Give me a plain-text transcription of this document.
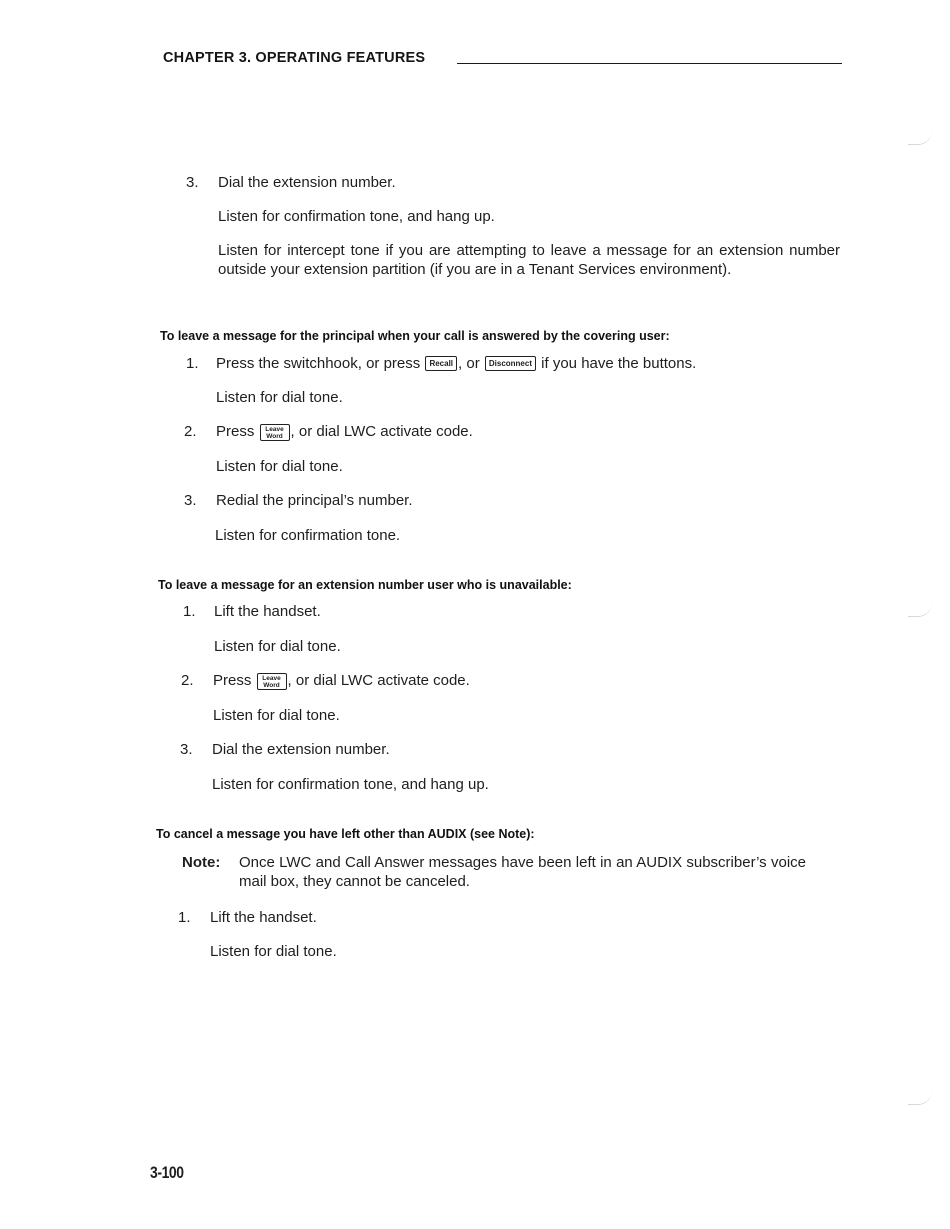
CHAPTER 3. OPERATING FEATURES
3. Dial the extension number.
Listen for confirmation tone, and hang up.
Listen for intercept tone if you are attempting to leave a message for an extension number outside your extension partition (if you are in a Tenant Services environment).
To leave a message for the principal when your call is answered by the covering user:
1. Press the switchhook, or press Recall , or Disconnect if you have the buttons.
Listen for dial tone.
2. Press	Leave
Word , or dial LWC activate code.
Listen for dial tone.
3. Redial the principal’s number.
Listen for confirmation tone.
To leave a message for an extension number user who is unavailable:
1. Lift the handset.
Listen for dial tone.
2. Press	Leave
Word , or dial LWC activate code.
Listen for dial tone.
3. Dial the extension number.
Listen for confirmation tone, and hang up.
To cancel a message you have left other than AUDIX (see Note):
Note: Once LWC and Call Answer messages have been left in an AUDIX subscriber’s voice mail box, they cannot be canceled.
1. Lift the handset.
Listen for dial tone.
3-100
